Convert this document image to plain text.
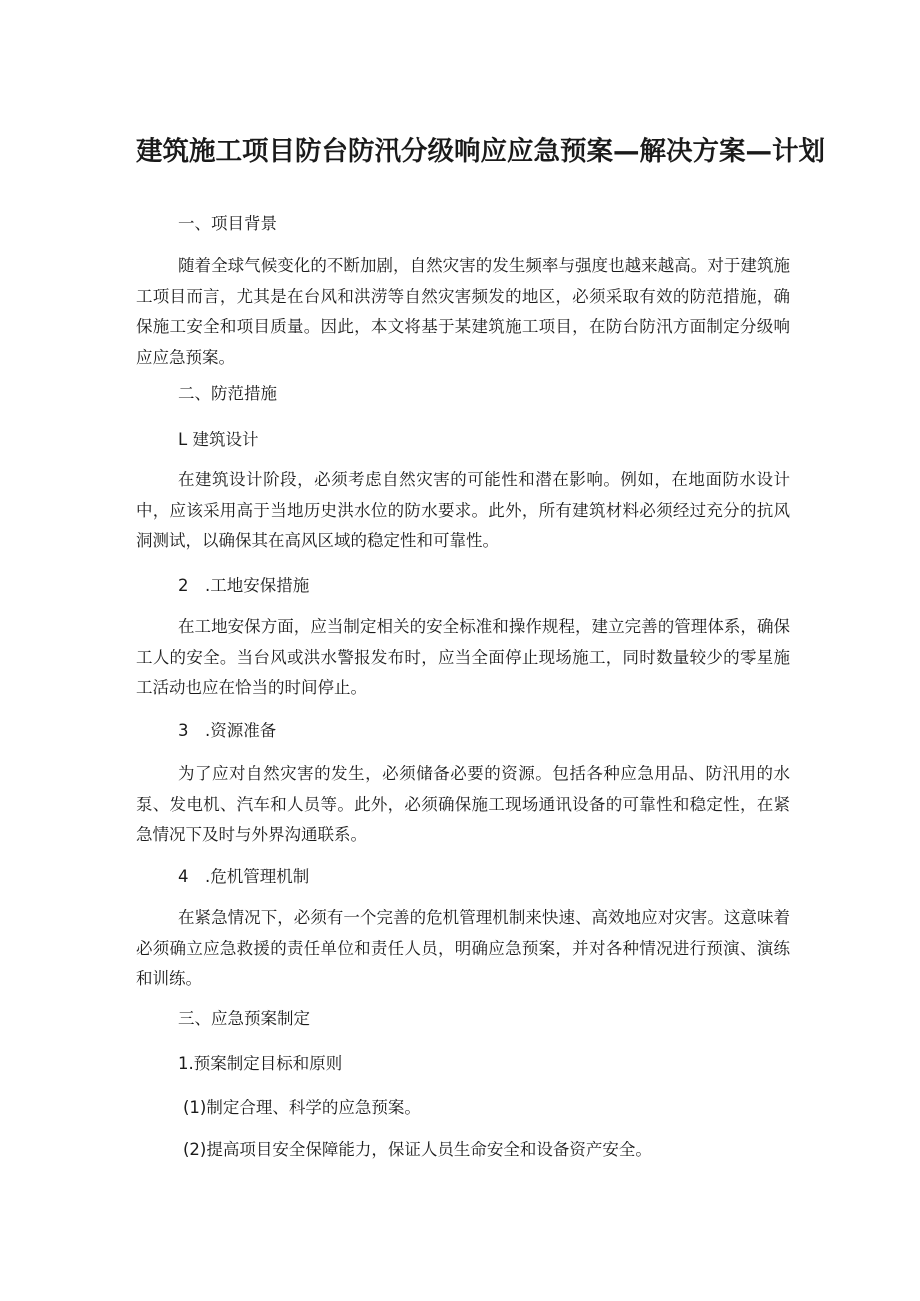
建筑施工项目防台防汛分级响应应急预案—解决方案—计划
一、项目背景
随着全球气候变化的不断加剧，自然灾害的发生频率与强度也越来越高。对于建筑施工项目而言，尤其是在台风和洪涝等自然灾害频发的地区，必须采取有效的防范措施，确保施工安全和项目质量。因此，本文将基于某建筑施工项目，在防台防汛方面制定分级响应应急预案。
二、防范措施
L 建筑设计
在建筑设计阶段，必须考虑自然灾害的可能性和潜在影响。例如，在地面防水设计中，应该采用高于当地历史洪水位的防水要求。此外，所有建筑材料必须经过充分的抗风洞测试，以确保其在高风区域的稳定性和可靠性。
2　.工地安保措施
在工地安保方面，应当制定相关的安全标准和操作规程，建立完善的管理体系，确保工人的安全。当台风或洪水警报发布时，应当全面停止现场施工，同时数量较少的零星施工活动也应在恰当的时间停止。
3　.资源准备
为了应对自然灾害的发生，必须储备必要的资源。包括各种应急用品、防汛用的水泵、发电机、汽车和人员等。此外，必须确保施工现场通讯设备的可靠性和稳定性，在紧急情况下及时与外界沟通联系。
4　.危机管理机制
在紧急情况下，必须有一个完善的危机管理机制来快速、高效地应对灾害。这意味着必须确立应急救援的责任单位和责任人员，明确应急预案，并对各种情况进行预演、演练和训练。
三、应急预案制定
1.预案制定目标和原则
(1)制定合理、科学的应急预案。
(2)提高项目安全保障能力，保证人员生命安全和设备资产安全。
